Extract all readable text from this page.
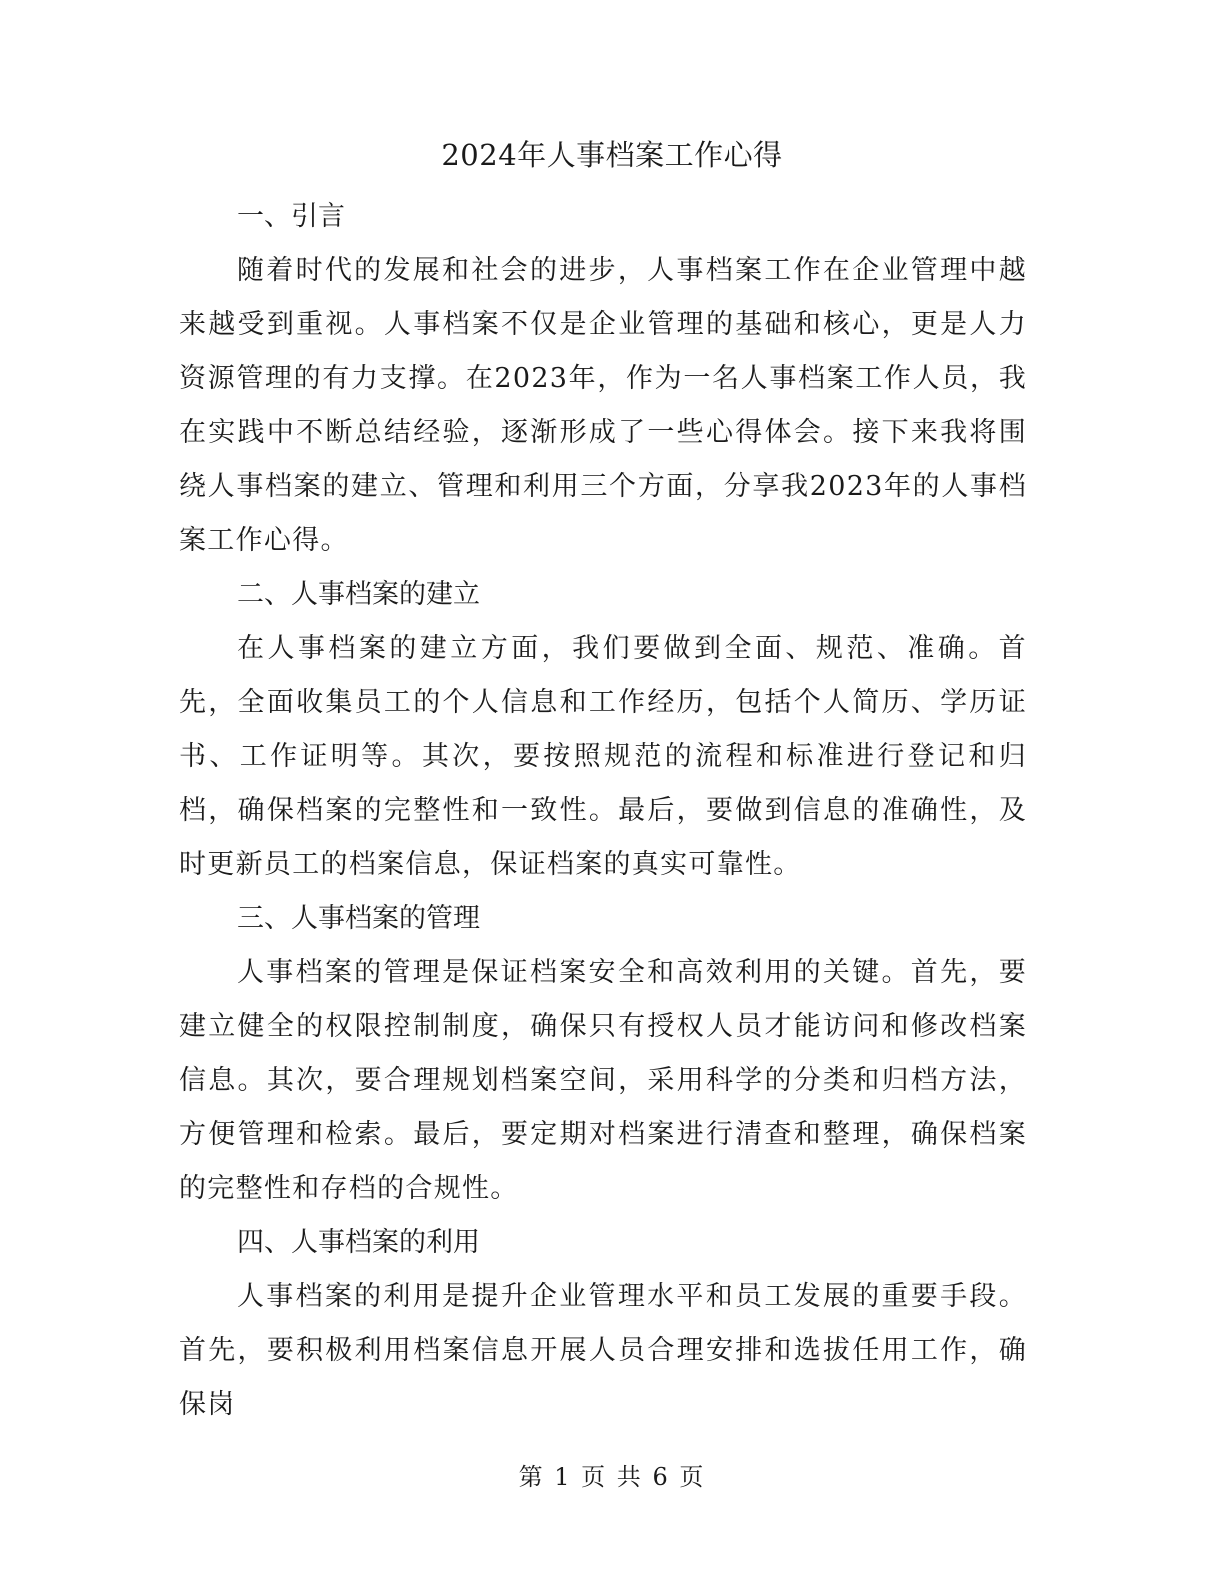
2024年人事档案工作心得

一、引言

随着时代的发展和社会的进步，人事档案工作在企业管理中越来越受到重视。人事档案不仅是企业管理的基础和核心，更是人力资源管理的有力支撑。在2023年，作为一名人事档案工作人员，我在实践中不断总结经验，逐渐形成了一些心得体会。接下来我将围绕人事档案的建立、管理和利用三个方面，分享我2023年的人事档案工作心得。

二、人事档案的建立

在人事档案的建立方面，我们要做到全面、规范、准确。首先，全面收集员工的个人信息和工作经历，包括个人简历、学历证书、工作证明等。其次，要按照规范的流程和标准进行登记和归档，确保档案的完整性和一致性。最后，要做到信息的准确性，及时更新员工的档案信息，保证档案的真实可靠性。

三、人事档案的管理

人事档案的管理是保证档案安全和高效利用的关键。首先，要建立健全的权限控制制度，确保只有授权人员才能访问和修改档案信息。其次，要合理规划档案空间，采用科学的分类和归档方法，方便管理和检索。最后，要定期对档案进行清查和整理，确保档案的完整性和存档的合规性。

四、人事档案的利用

人事档案的利用是提升企业管理水平和员工发展的重要手段。首先，要积极利用档案信息开展人员合理安排和选拔任用工作，确保岗

第 1 页 共 6 页
